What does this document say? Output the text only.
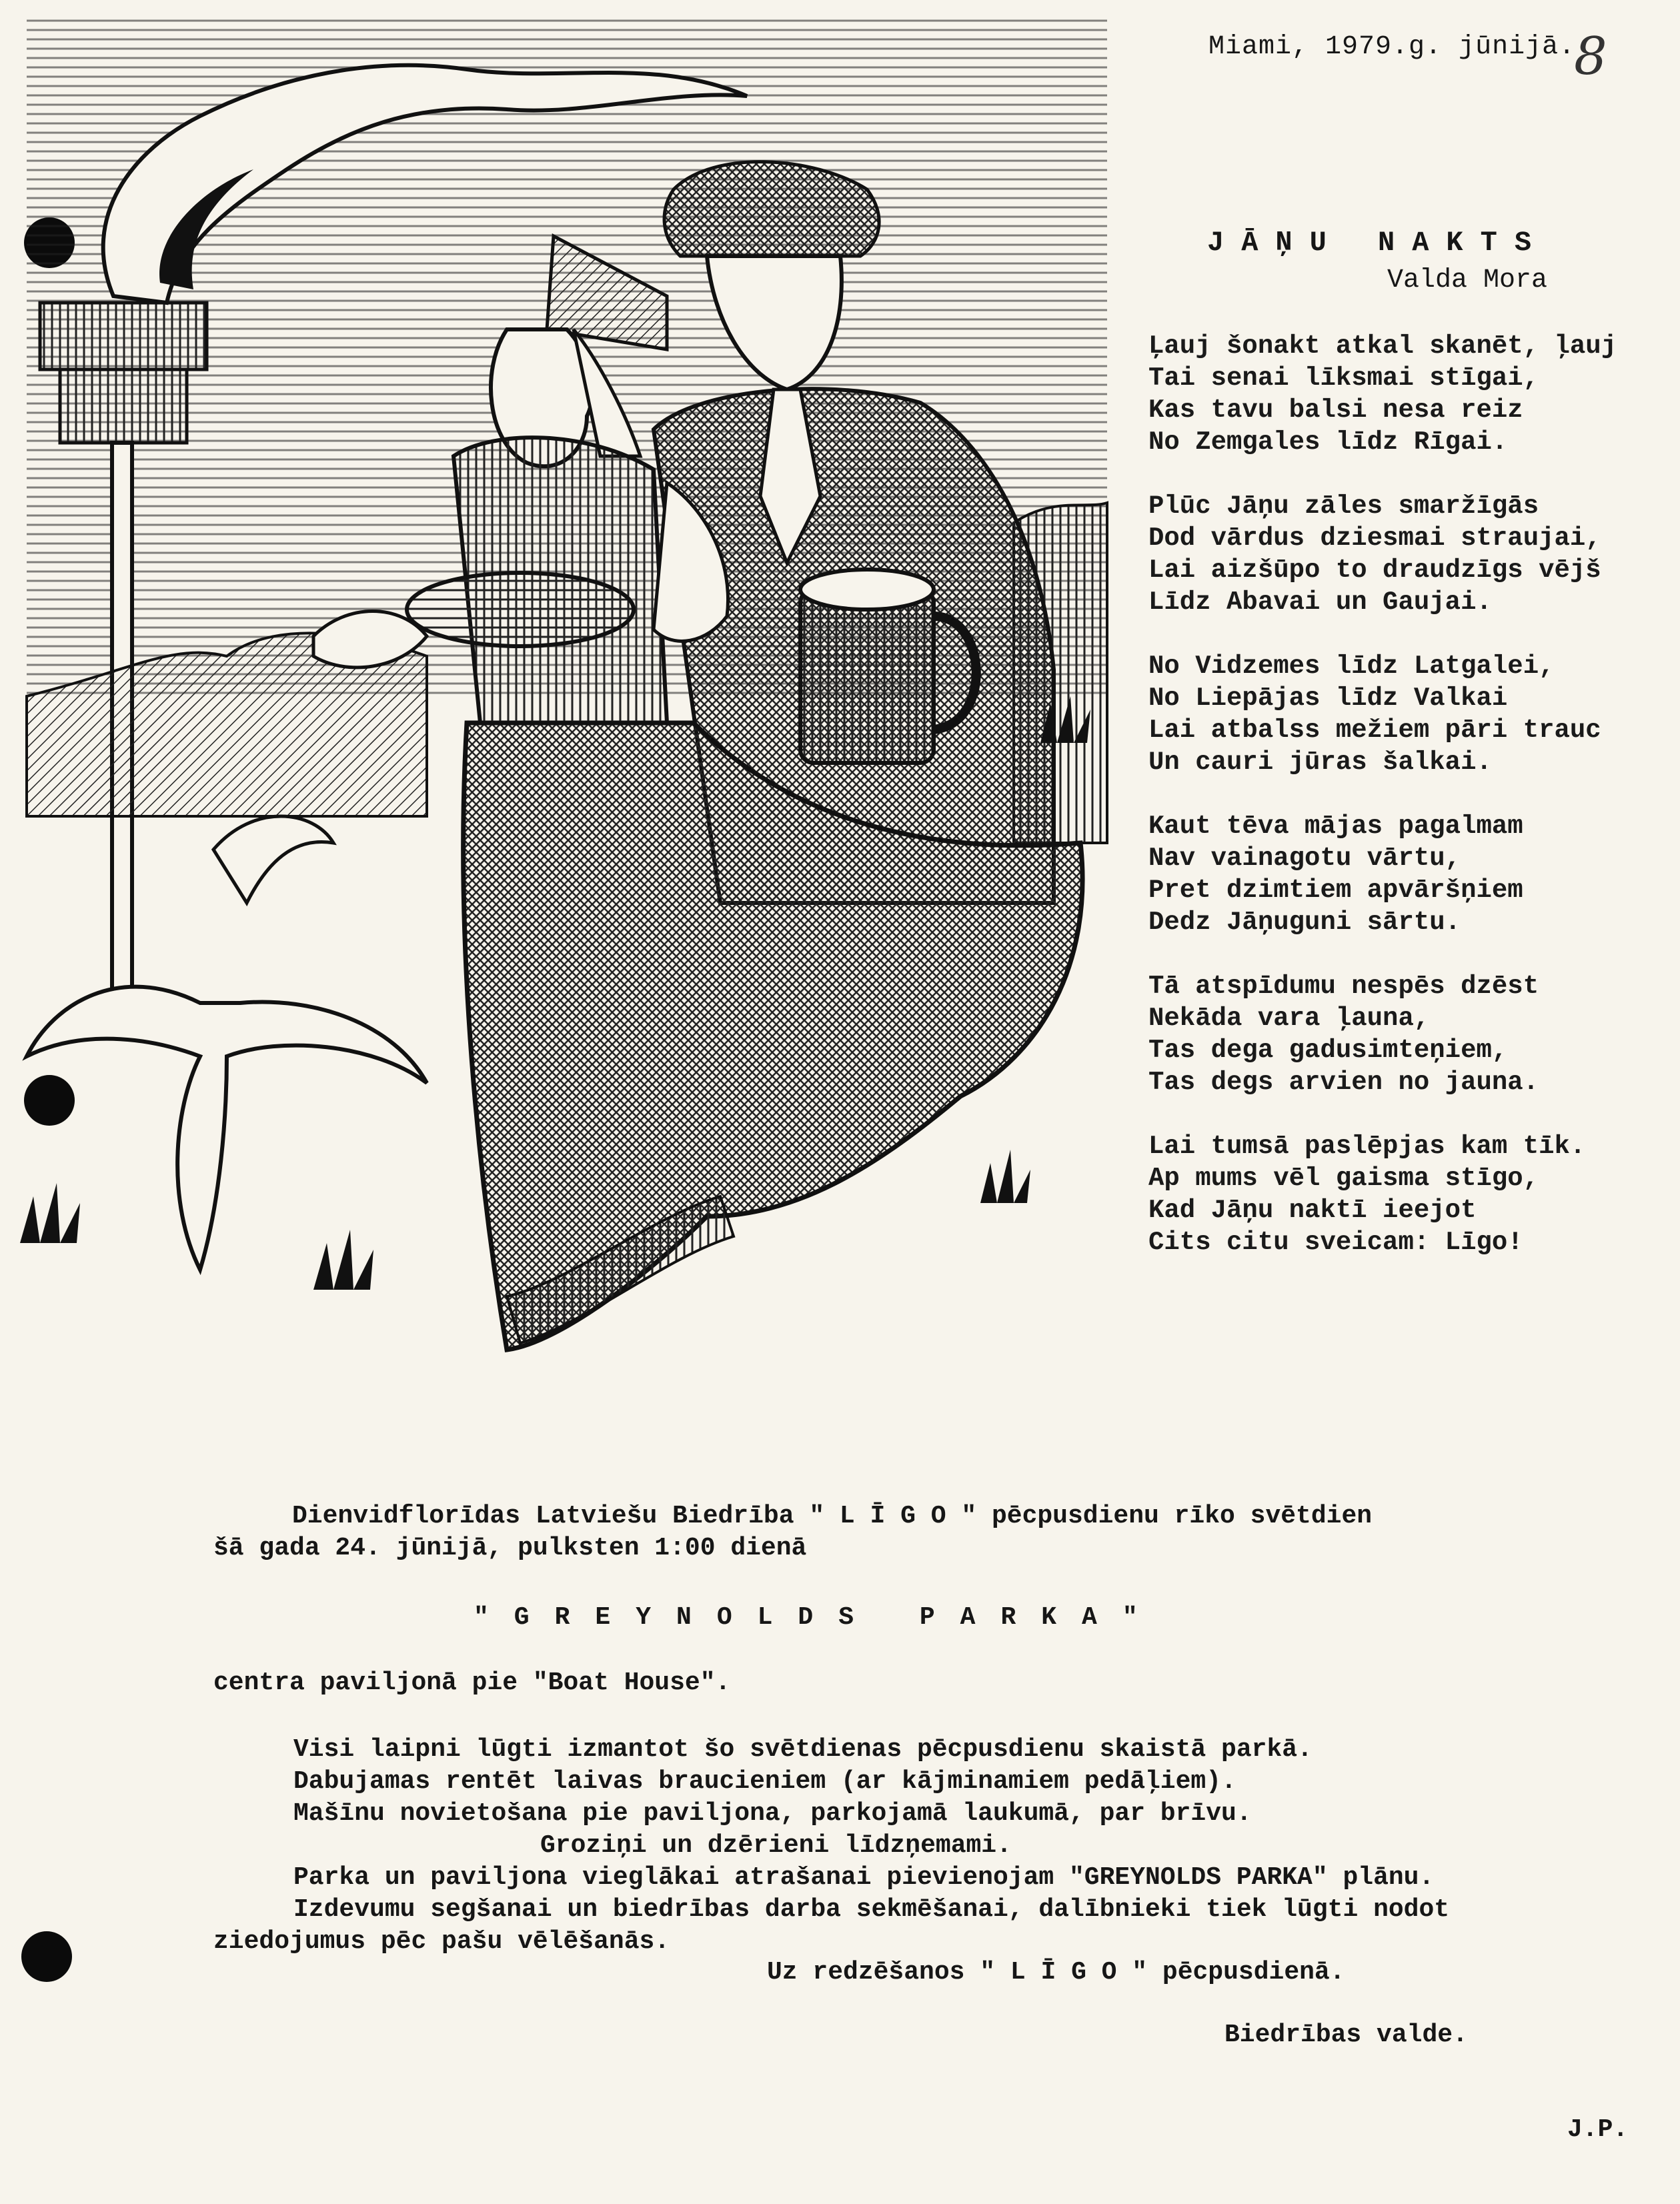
Miami, 1979.g. jūnijā.
8
JĀŅU NAKTS
Valda Mora
Ļauj šonakt atkal skanēt, ļauj
Tai senai līksmai stīgai,
Kas tavu balsi nesa reiz
No Zemgales līdz Rīgai.
Plūc Jāņu zāles smaržīgās
Dod vārdus dziesmai straujai,
Lai aizšūpo to draudzīgs vējš
Līdz Abavai un Gaujai.
No Vidzemes līdz Latgalei,
No Liepājas līdz Valkai
Lai atbalss mežiem pāri trauc
Un cauri jūras šalkai.
Kaut tēva mājas pagalmam
Nav vainagotu vārtu,
Pret dzimtiem apvāršņiem
Dedz Jāņuguni sārtu.
Tā atspīdumu nespēs dzēst
Nekāda vara ļauna,
Tas dega gadusimteņiem,
Tas degs arvien no jauna.
Lai tumsā paslēpjas kam tīk.
Ap mums vēl gaisma stīgo,
Kad Jāņu naktī ieejot
Cits citu sveicam: Līgo!
Dienvidflorīdas Latviešu Biedrība " L Ī G O " pēcpusdienu rīko svētdien
šā gada 24. jūnijā, pulksten 1:00 dienā
"GREYNOLDS PARKA"
centra paviljonā pie "Boat House".
Visi laipni lūgti izmantot šo svētdienas pēcpusdienu skaistā parkā.
Dabujamas rentēt laivas braucieniem (ar kājminamiem pedāļiem).
Mašīnu novietošana pie paviljona, parkojamā laukumā, par brīvu.
Groziņi un dzērieni līdzņemami.
Parka un paviljona vieglākai atrašanai pievienojam "GREYNOLDS PARKA" plānu.
Izdevumu segšanai un biedrības darba sekmēšanai, dalībnieki tiek lūgti nodot
ziedojumus pēc pašu vēlēšanās.
Uz redzēšanos " L Ī G O " pēcpusdienā.
Biedrības valde.
J.P.
